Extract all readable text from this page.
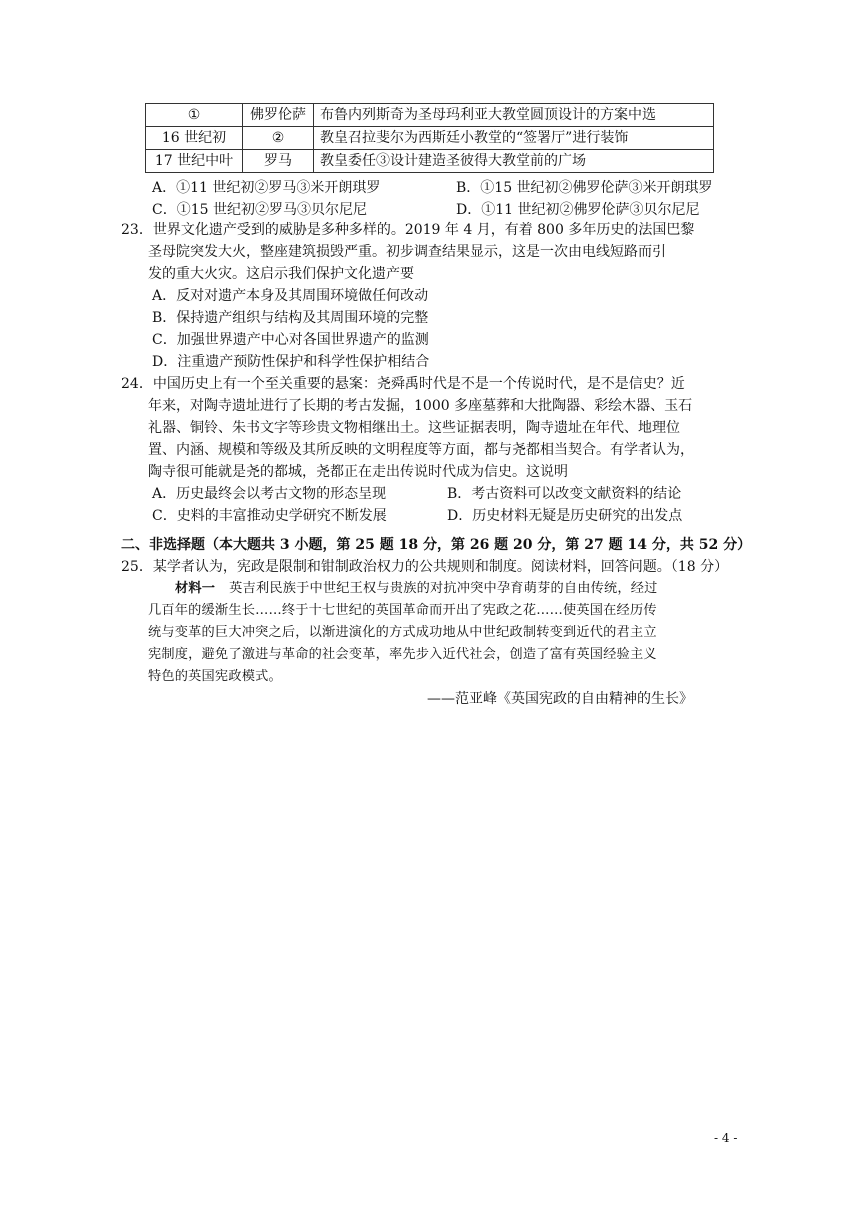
①	佛罗伦萨	布鲁内列斯奇为圣母玛利亚大教堂圆顶设计的方案中选
16 世纪初	②	教皇召拉斐尔为西斯廷小教堂的“签署厅”进行装饰
17 世纪中叶	罗马	教皇委任③设计建造圣彼得大教堂前的广场
A．①11 世纪初②罗马③米开朗琪罗	B．①15 世纪初②佛罗伦萨③米开朗琪罗
C．①15 世纪初②罗马③贝尔尼尼	D．①11 世纪初②佛罗伦萨③贝尔尼尼
23．世界文化遗产受到的威胁是多种多样的。2019 年 4 月，有着 800 多年历史的法国巴黎
圣母院突发大火，整座建筑损毁严重。初步调查结果显示，这是一次由电线短路而引
发的重大火灾。这启示我们保护文化遗产要
A．反对对遗产本身及其周围环境做任何改动
B．保持遗产组织与结构及其周围环境的完整
C．加强世界遗产中心对各国世界遗产的监测
D．注重遗产预防性保护和科学性保护相结合
24．中国历史上有一个至关重要的悬案：尧舜禹时代是不是一个传说时代，是不是信史？近
年来，对陶寺遗址进行了长期的考古发掘，1000 多座墓葬和大批陶器、彩绘木器、玉石
礼器、铜铃、朱书文字等珍贵文物相继出土。这些证据表明，陶寺遗址在年代、地理位
置、内涵、规模和等级及其所反映的文明程度等方面，都与尧都相当契合。有学者认为，
陶寺很可能就是尧的都城，尧都正在走出传说时代成为信史。这说明
A．历史最终会以考古文物的形态呈现	B．考古资料可以改变文献资料的结论
C．史料的丰富推动史学研究不断发展	D．历史材料无疑是历史研究的出发点
二、非选择题（本大题共 3 小题，第 25 题 18 分，第 26 题 20 分，第 27 题 14 分，共 52 分）
25．某学者认为，宪政是限制和钳制政治权力的公共规则和制度。阅读材料，回答问题。（18 分）
材料一 英吉利民族于中世纪王权与贵族的对抗冲突中孕育萌芽的自由传统，经过
几百年的缓渐生长……终于十七世纪的英国革命而开出了宪政之花……使英国在经历传
统与变革的巨大冲突之后，以渐进演化的方式成功地从中世纪政制转变到近代的君主立
宪制度，避免了激进与革命的社会变革，率先步入近代社会，创造了富有英国经验主义
特色的英国宪政模式。
——范亚峰《英国宪政的自由精神的生长》
- 4 -
